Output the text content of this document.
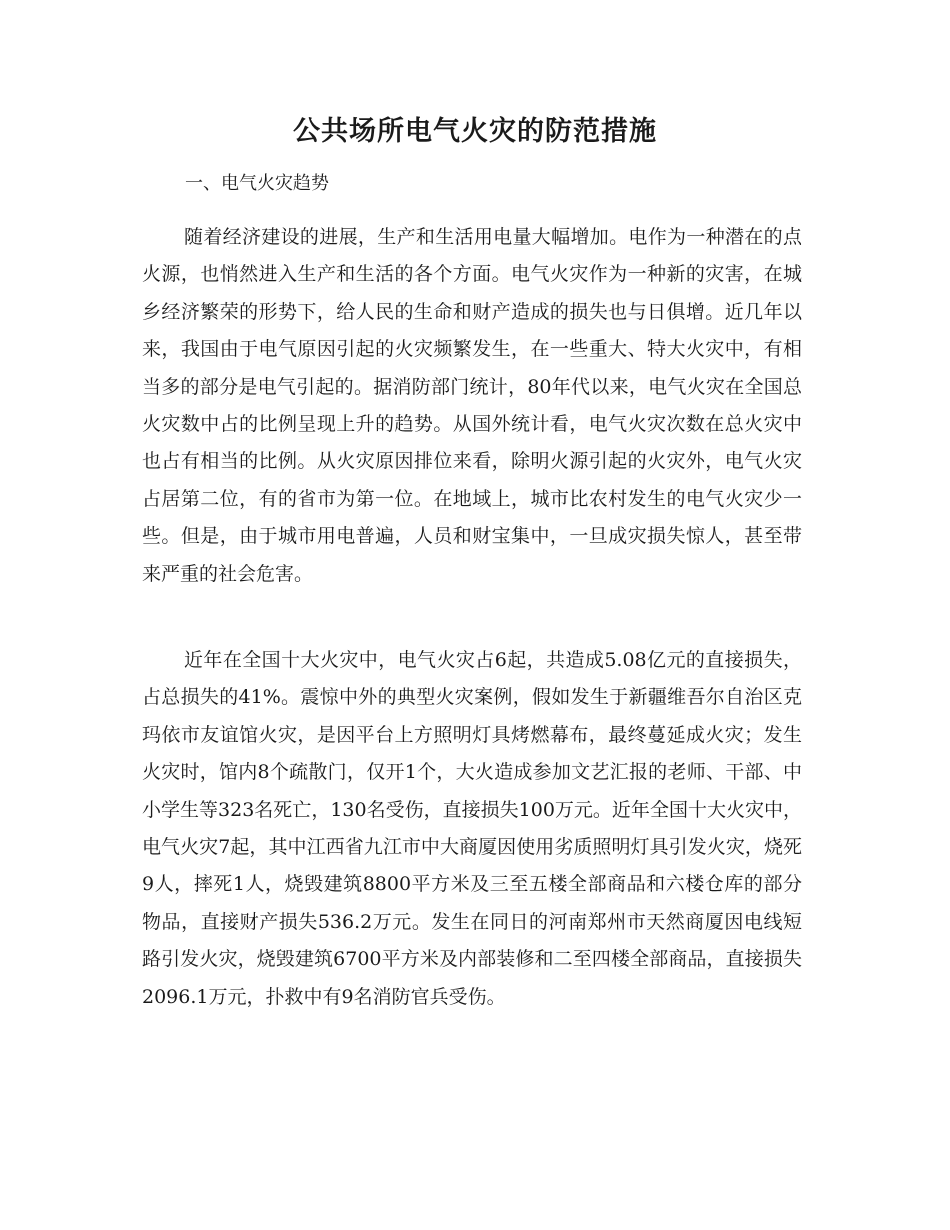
公共场所电气火灾的防范措施

一、电气火灾趋势

随着经济建设的进展，生产和生活用电量大幅增加。电作为一种潜在的点火源，也悄然进入生产和生活的各个方面。电气火灾作为一种新的灾害，在城乡经济繁荣的形势下，给人民的生命和财产造成的损失也与日俱增。近几年以来，我国由于电气原因引起的火灾频繁发生，在一些重大、特大火灾中，有相当多的部分是电气引起的。据消防部门统计，80年代以来，电气火灾在全国总火灾数中占的比例呈现上升的趋势。从国外统计看，电气火灾次数在总火灾中也占有相当的比例。从火灾原因排位来看，除明火源引起的火灾外，电气火灾占居第二位，有的省市为第一位。在地域上，城市比农村发生的电气火灾少一些。但是，由于城市用电普遍，人员和财宝集中，一旦成灾损失惊人，甚至带来严重的社会危害。

近年在全国十大火灾中，电气火灾占6起，共造成5.08亿元的直接损失，占总损失的41%。震惊中外的典型火灾案例，假如发生于新疆维吾尔自治区克玛依市友谊馆火灾，是因平台上方照明灯具烤燃幕布，最终蔓延成火灾；发生火灾时，馆内8个疏散门，仅开1个，大火造成参加文艺汇报的老师、干部、中小学生等323名死亡，130名受伤，直接损失100万元。近年全国十大火灾中，电气火灾7起，其中江西省九江市中大商厦因使用劣质照明灯具引发火灾，烧死9人，摔死1人，烧毁建筑8800平方米及三至五楼全部商品和六楼仓库的部分物品，直接财产损失536.2万元。发生在同日的河南郑州市天然商厦因电线短路引发火灾，烧毁建筑6700平方米及内部装修和二至四楼全部商品，直接损失2096.1万元，扑救中有9名消防官兵受伤。
